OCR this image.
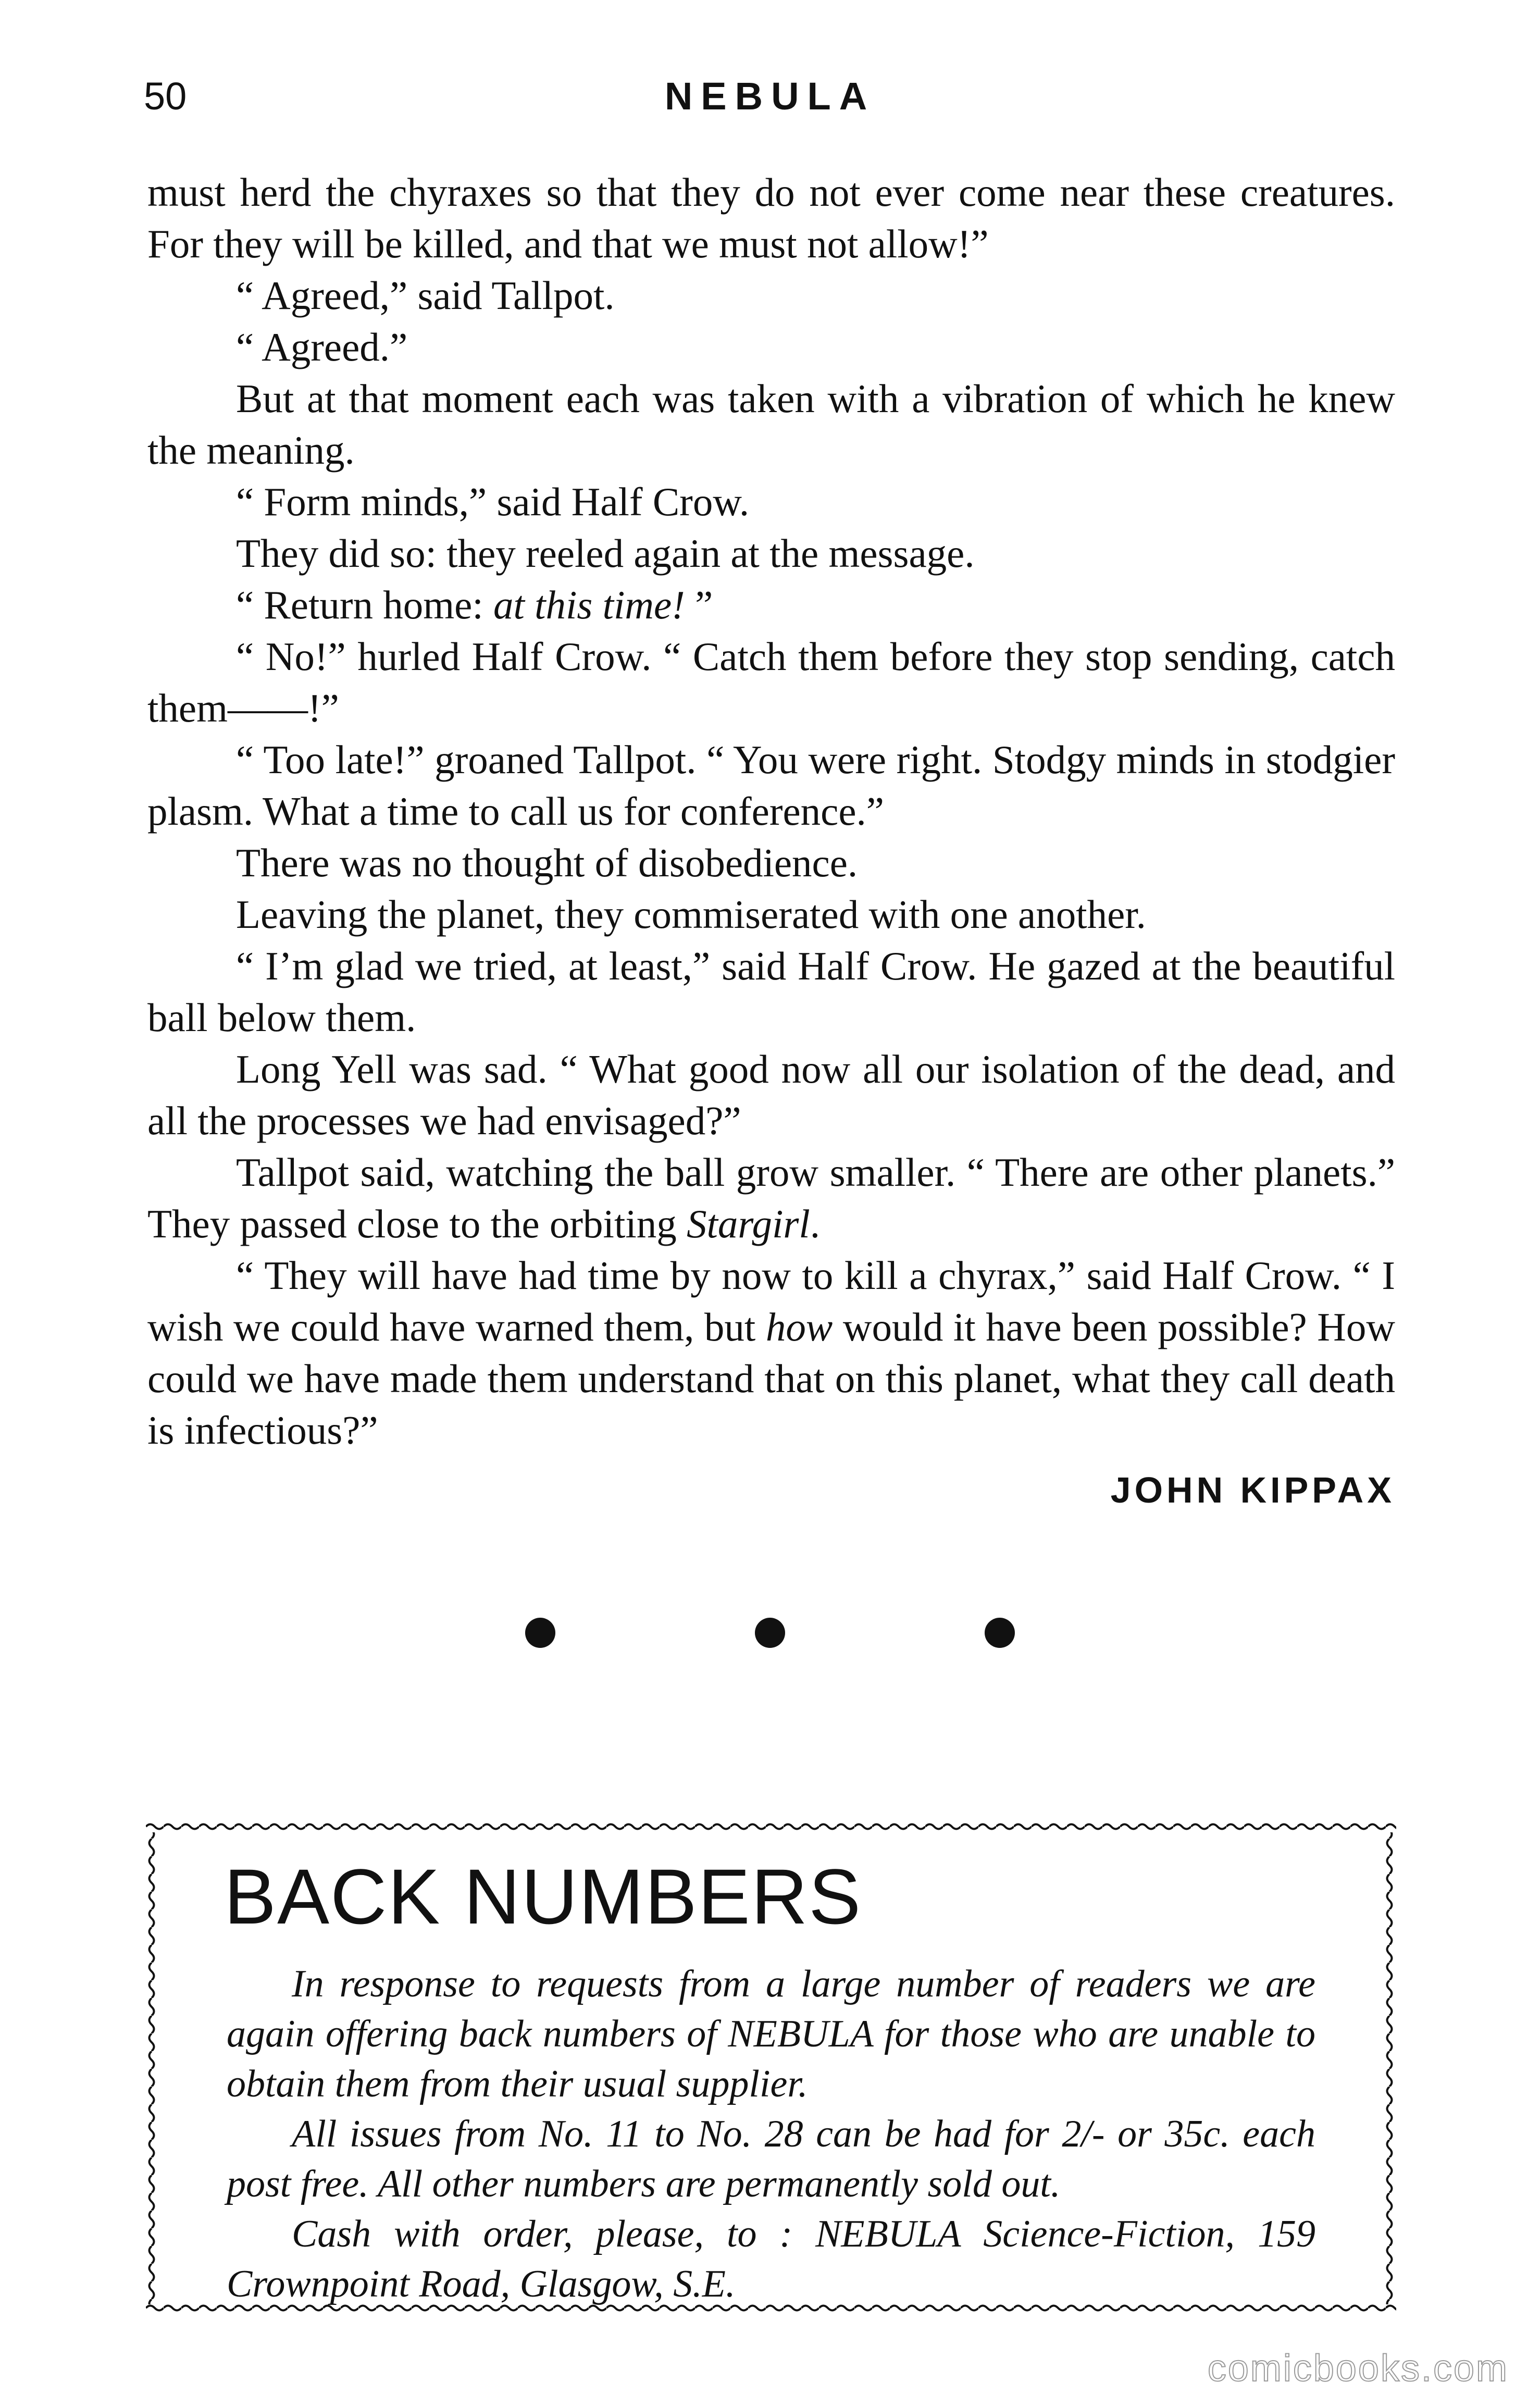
50	NEBULA

must herd the chyraxes so that they do not ever come near these creatures. For they will be killed, and that we must not allow!”

“ Agreed,” said Tallpot.

“ Agreed.”

But at that moment each was taken with a vibration of which he knew the meaning.

“ Form minds,” said Half Crow.

They did so: they reeled again at the message.

“ Return home: at this time! ”

“ No!” hurled Half Crow. “ Catch them before they stop sending, catch them——!”

“ Too late!” groaned Tallpot. “ You were right. Stodgy minds in stodgier plasm. What a time to call us for conference.”

There was no thought of disobedience.

Leaving the planet, they commiserated with one another.

“ I’m glad we tried, at least,” said Half Crow. He gazed at the beautiful ball below them.

Long Yell was sad. “ What good now all our isolation of the dead, and all the processes we had envisaged?”

Tallpot said, watching the ball grow smaller. “ There are other planets.” They passed close to the orbiting Stargirl.

“ They will have had time by now to kill a chyrax,” said Half Crow. “ I wish we could have warned them, but how would it have been possible? How could we have made them understand that on this planet, what they call death is infectious?”

JOHN KIPPAX
BACK NUMBERS

In response to requests from a large number of readers we are again offering back numbers of NEBULA for those who are unable to obtain them from their usual supplier.

All issues from No. 11 to No. 28 can be had for 2/- or 35c. each post free. All other numbers are permanently sold out.

Cash with order, please, to : NEBULA Science-Fiction, 159 Crownpoint Road, Glasgow, S.E.

comicbooks.com
